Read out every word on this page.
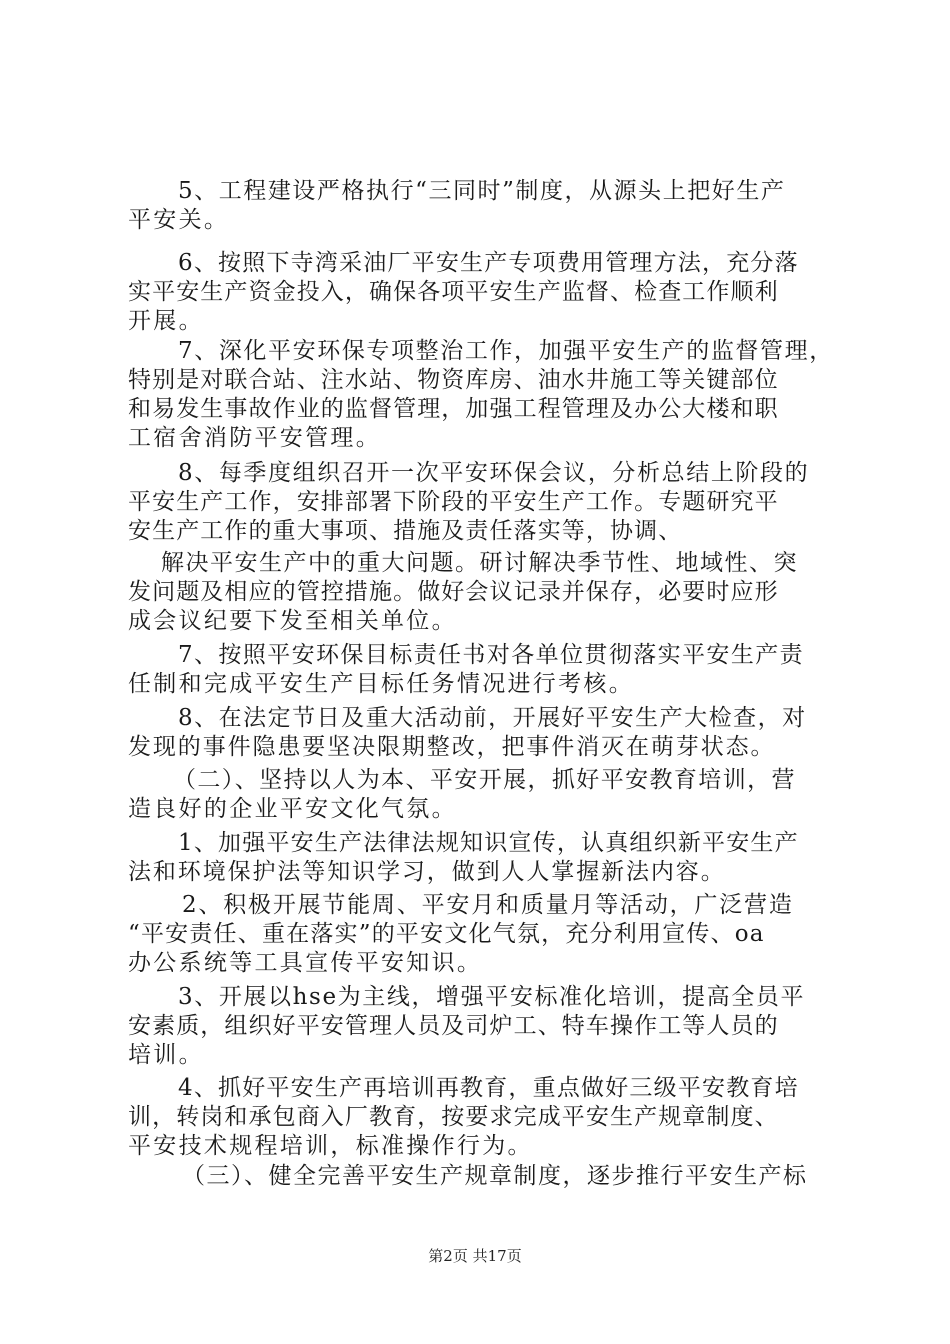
5、工程建设严格执行“三同时”制度，从源头上把好生产
平安关。
6、按照下寺湾采油厂平安生产专项费用管理方法，充分落
实平安生产资金投入，确保各项平安生产监督、检查工作顺利
开展。
7、深化平安环保专项整治工作，加强平安生产的监督管理，
特别是对联合站、注水站、物资库房、油水井施工等关键部位
和易发生事故作业的监督管理，加强工程管理及办公大楼和职
工宿舍消防平安管理。
8、每季度组织召开一次平安环保会议，分析总结上阶段的
平安生产工作，安排部署下阶段的平安生产工作。专题研究平
安生产工作的重大事项、措施及责任落实等，协调、
解决平安生产中的重大问题。研讨解决季节性、地域性、突
发问题及相应的管控措施。做好会议记录并保存，必要时应形
成会议纪要下发至相关单位。
7、按照平安环保目标责任书对各单位贯彻落实平安生产责
任制和完成平安生产目标任务情况进行考核。
8、在法定节日及重大活动前，开展好平安生产大检查，对
发现的事件隐患要坚决限期整改，把事件消灭在萌芽状态。
（二）、坚持以人为本、平安开展，抓好平安教育培训，营
造良好的企业平安文化气氛。
1、加强平安生产法律法规知识宣传，认真组织新平安生产
法和环境保护法等知识学习，做到人人掌握新法内容。
2、积极开展节能周、平安月和质量月等活动，广泛营造
“平安责任、重在落实”的平安文化气氛，充分利用宣传、oa
办公系统等工具宣传平安知识。
3、开展以hse为主线，增强平安标准化培训，提高全员平
安素质，组织好平安管理人员及司炉工、特车操作工等人员的
培训。
4、抓好平安生产再培训再教育，重点做好三级平安教育培
训，转岗和承包商入厂教育，按要求完成平安生产规章制度、
平安技术规程培训，标准操作行为。
（三）、健全完善平安生产规章制度，逐步推行平安生产标
第2页 共17页
